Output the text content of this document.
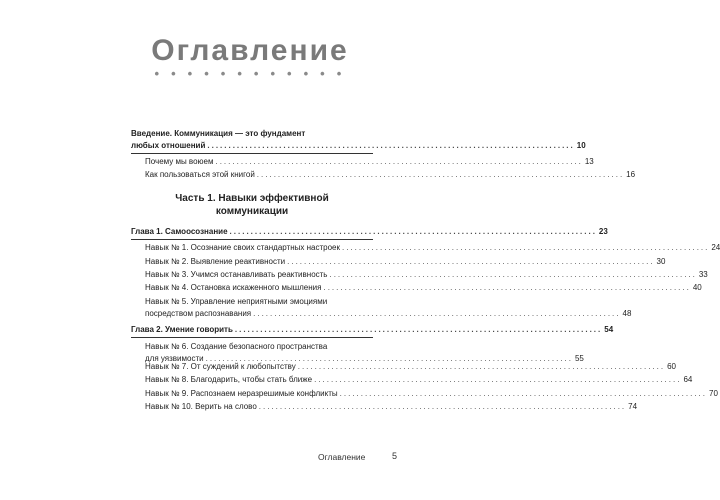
Оглавление
• • • • • • • • • • • •
Введение. Коммуникация — это фундамент
любых отношений ....................................................................................... 10
Почему мы воюем ....................................................................................... 13
Как пользоваться этой книгой ....................................................................................... 16
Часть 1. Навыки эффективной
коммуникации
Глава 1. Самоосознание ....................................................................................... 23
Навык № 1. Осознание своих стандартных настроек ....................................................................................... 24
Навык № 2. Выявление реактивности ....................................................................................... 30
Навык № 3. Учимся останавливать реактивность ....................................................................................... 33
Навык № 4. Остановка искаженного мышления ....................................................................................... 40
Навык № 5. Управление неприятными эмоциями
посредством распознавания ....................................................................................... 48
Глава 2. Умение говорить ....................................................................................... 54
Навык № 6. Создание безопасного пространства
для уязвимости ....................................................................................... 55
Навык № 7. От суждений к любопытству ....................................................................................... 60
Навык № 8. Благодарить, чтобы стать ближе ....................................................................................... 64
Навык № 9. Распознаем неразрешимые конфликты ....................................................................................... 70
Навык № 10. Верить на слово ....................................................................................... 74
Оглавление	5
